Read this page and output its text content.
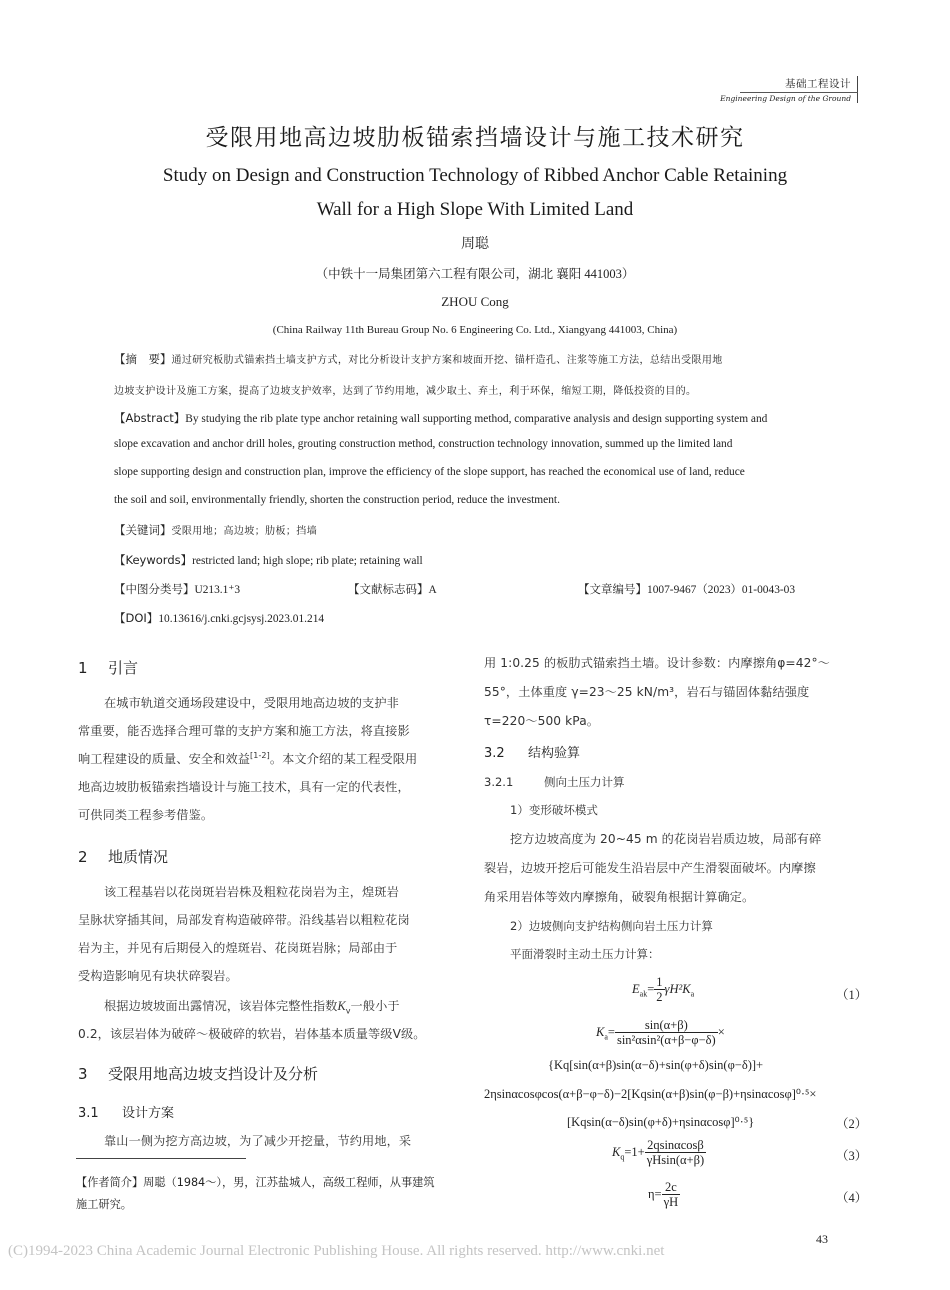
基础工程设计
Engineering Design of the Ground
受限用地高边坡肋板锚索挡墙设计与施工技术研究
Study on Design and Construction Technology of Ribbed Anchor Cable Retaining
Wall for a High Slope With Limited Land
周聪
（中铁十一局集团第六工程有限公司，湖北 襄阳 441003）
ZHOU Cong
(China Railway 11th Bureau Group No. 6 Engineering Co. Ltd., Xiangyang 441003, China)
【摘　要】通过研究板肋式锚索挡土墙支护方式，对比分析设计支护方案和坡面开挖、锚杆造孔、注浆等施工方法，总结出受限用地
边坡支护设计及施工方案，提高了边坡支护效率，达到了节约用地，减少取土、弃土，利于环保，缩短工期，降低投资的目的。
【Abstract】By studying the rib plate type anchor retaining wall supporting method, comparative analysis and design supporting system and
slope excavation and anchor drill holes, grouting construction method, construction technology innovation, summed up the limited land
slope supporting design and construction plan, improve the efficiency of the slope support, has reached the economical use of land, reduce
the soil and soil, environmentally friendly, shorten the construction period, reduce the investment.
【关键词】受限用地；高边坡；肋板；挡墙
【Keywords】restricted land; high slope; rib plate; retaining wall
【中图分类号】U213.1⁺3	【文献标志码】A	【文章编号】1007-9467（2023）01-0043-03
【DOI】10.13616/j.cnki.gcjsysj.2023.01.214
1 引言
在城市轨道交通场段建设中，受限用地高边坡的支护非
常重要，能否选择合理可靠的支护方案和施工方法，将直接影
响工程建设的质量、安全和效益[1-2]。本文介绍的某工程受限用
地高边坡肋板锚索挡墙设计与施工技术，具有一定的代表性，
可供同类工程参考借鉴。
2 地质情况
该工程基岩以花岗斑岩岩株及粗粒花岗岩为主，煌斑岩
呈脉状穿插其间，局部发育构造破碎带。沿线基岩以粗粒花岗
岩为主，并见有后期侵入的煌斑岩、花岗斑岩脉；局部由于
受构造影响见有块状碎裂岩。
根据边坡坡面出露情况，该岩体完整性指数$K_v$一般小于
0.2，该层岩体为破碎～极破碎的软岩，岩体基本质量等级Ⅴ级。
3 受限用地高边坡支挡设计及分析
3.1 设计方案
靠山一侧为挖方高边坡，为了减少开挖量，节约用地，采
【作者简介】周聪（1984～），男，江苏盐城人，高级工程师，从事建筑
施工研究。
用 1:0.25 的板肋式锚索挡土墙。设计参数：内摩擦角φ=42°～
55°，土体重度 γ=23～25 kN/m³，岩石与锚固体黏结强度
τ=220～500 kPa。
3.2 结构验算
3.2.1	侧向土压力计算
1）变形破坏模式
挖方边坡高度为 20~45 m 的花岗岩岩质边坡，局部有碎
裂岩，边坡开挖后可能发生沿岩层中产生滑裂面破坏。内摩擦
角采用岩体等效内摩擦角，破裂角根据计算确定。
2）边坡侧向支护结构侧向岩土压力计算
平面滑裂时主动土压力计算：
$E_{ak}= \frac{1}{2} \gamma H^2K_a$	（1）
$K_a= \frac{\sin(\alpha+\beta)}{\text{sin²αsin²(α+β−φ−δ)}}$ ×
{Kq[sin(α+β)sin(α−δ)+sin(φ+δ)sin(φ−δ)]+
2ηsinαcosφcos(α+β−φ−δ)−2[Kqsin(α+β)sin(φ−β)+ηsinαcosφ]⁰·⁵×
[Kqsin(α−δ)sin(φ+δ)+ηsinαcosφ]⁰·⁵}	（2）
$K_q=1+ \frac{2qsin\alpha\cos\beta}{\gamma Hsin(\alpha+\beta)}$	（3）
$\eta= \frac{2c}{\gamma H}$	（4）
43
(C)1994-2023 China Academic Journal Electronic Publishing House. All rights reserved. http://www.cnki.net
